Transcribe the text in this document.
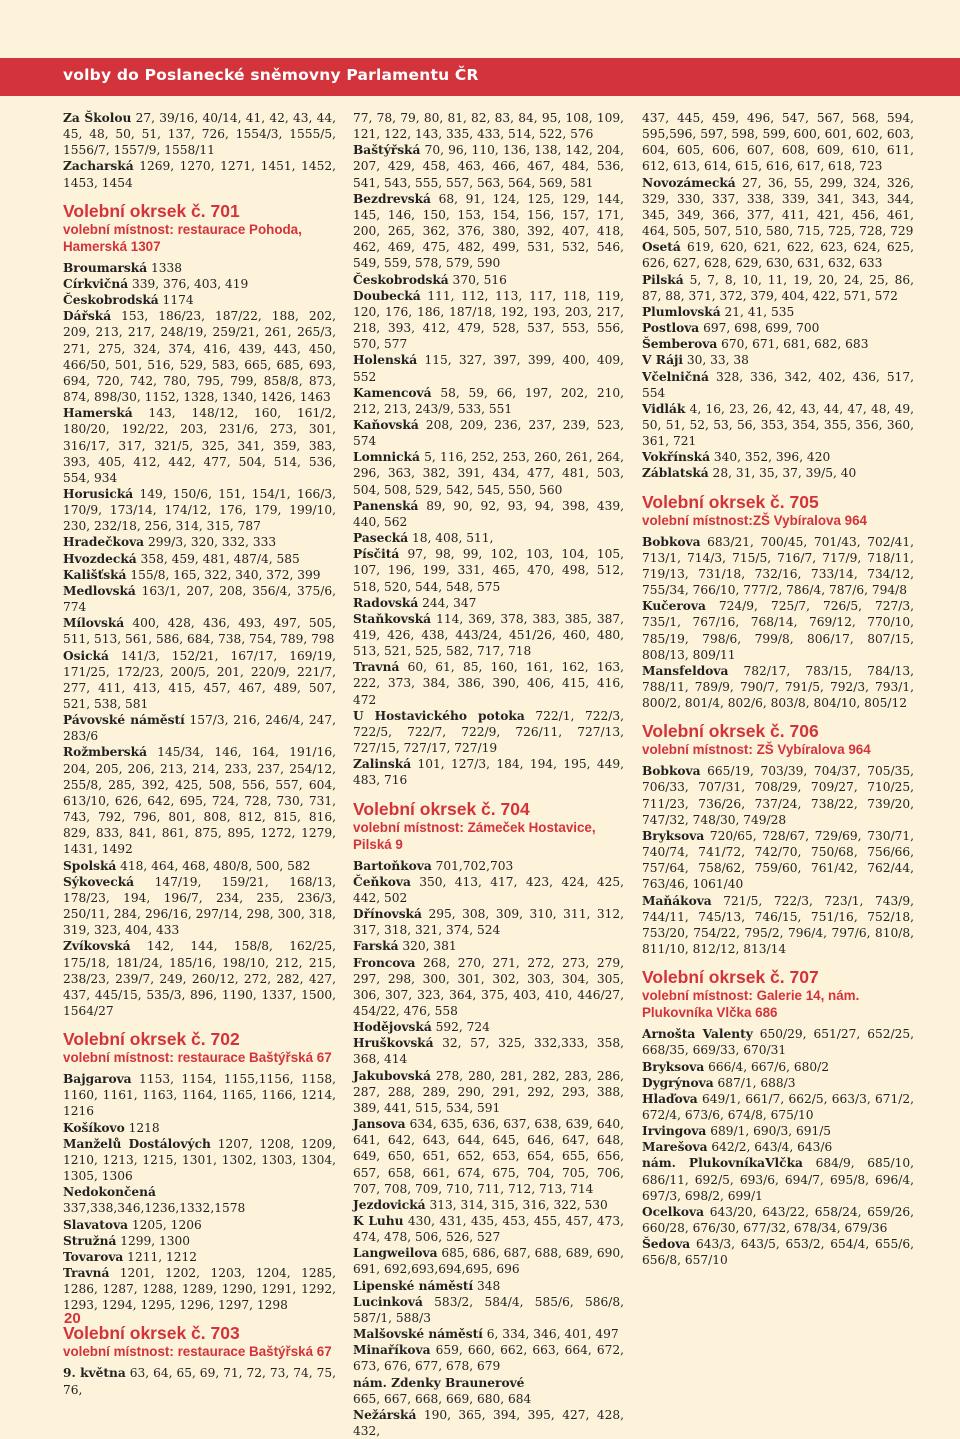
volby do Poslanecké sněmovny Parlamentu ČR

Za Školou 27, 39/16, 40/14, 41, 42, 43, 44, 45, 48, 50, 51, 137, 726, 1554/3, 1555/5, 1556/7, 1557/9, 1558/11

Zacharská 1269, 1270, 1271, 1451, 1452, 1453, 1454

Volební okrsek č. 701
volební místnost: restaurace Pohoda, Hamerská 1307

Broumarská 1338

Církvičná 339, 376, 403, 419

Českobrodská 1174

Dářská 153, 186/23, 187/22, 188, 202, 209, 213, 217, 248/19, 259/21, 261, 265/3, 271, 275, 324, 374, 416, 439, 443, 450, 466/50, 501, 516, 529, 583, 665, 685, 693, 694, 720, 742, 780, 795, 799, 858/8, 873, 874, 898/30, 1152, 1328, 1340, 1426, 1463

Hamerská 143, 148/12, 160, 161/2, 180/20, 192/22, 203, 231/6, 273, 301, 316/17, 317, 321/5, 325, 341, 359, 383, 393, 405, 412, 442, 477, 504, 514, 536, 554, 934

Horusická 149, 150/6, 151, 154/1, 166/3, 170/9, 173/14, 174/12, 176, 179, 199/10, 230, 232/18, 256, 314, 315, 787

Hradečkova 299/3, 320, 332, 333

Hvozdecká 358, 459, 481, 487/4, 585

Kališťská 155/8, 165, 322, 340, 372, 399

Medlovská 163/1, 207, 208, 356/4, 375/6, 774

Mílovská 400, 428, 436, 493, 497, 505, 511, 513, 561, 586, 684, 738, 754, 789, 798

Osická 141/3, 152/21, 167/17, 169/19, 171/25, 172/23, 200/5, 201, 220/9, 221/7, 277, 411, 413, 415, 457, 467, 489, 507, 521, 538, 581

Pávovské náměstí 157/3, 216, 246/4, 247, 283/6

Rožmberská 145/34, 146, 164, 191/16, 204, 205, 206, 213, 214, 233, 237, 254/12, 255/8, 285, 392, 425, 508, 556, 557, 604, 613/10, 626, 642, 695, 724, 728, 730, 731, 743, 792, 796, 801, 808, 812, 815, 816, 829, 833, 841, 861, 875, 895, 1272, 1279, 1431, 1492

Spolská 418, 464, 468, 480/8, 500, 582

Sýkovecká 147/19, 159/21, 168/13, 178/23, 194, 196/7, 234, 235, 236/3, 250/11, 284, 296/16, 297/14, 298, 300, 318, 319, 323, 404, 433

Zvíkovská 142, 144, 158/8, 162/25, 175/18, 181/24, 185/16, 198/10, 212, 215, 238/23, 239/7, 249, 260/12, 272, 282, 427, 437, 445/15, 535/3, 896, 1190, 1337, 1500, 1564/27

Volební okrsek č. 702
volební místnost: restaurace Baštýřská 67

Bajgarova 1153, 1154, 1155,1156, 1158, 1160, 1161, 1163, 1164, 1165, 1166, 1214, 1216

Košíkovo 1218

Manželů Dostálových 1207, 1208, 1209, 1210, 1213, 1215, 1301, 1302, 1303, 1304, 1305, 1306

Nedokončená 337,338,346,1236,1332,1578

Slavatova 1205, 1206

Stružná 1299, 1300

Tovarova 1211, 1212

Travná 1201, 1202, 1203, 1204, 1285, 1286, 1287, 1288, 1289, 1290, 1291, 1292, 1293, 1294, 1295, 1296, 1297, 1298

Volební okrsek č. 703
volební místnost: restaurace Baštýřská 67

9. května 63, 64, 65, 69, 71, 72, 73, 74, 75, 76,

77, 78, 79, 80, 81, 82, 83, 84, 95, 108, 109, 121, 122, 143, 335, 433, 514, 522, 576

Baštýřská 70, 96, 110, 136, 138, 142, 204, 207, 429, 458, 463, 466, 467, 484, 536, 541, 543, 555, 557, 563, 564, 569, 581

Bezdrevská 68, 91, 124, 125, 129, 144, 145, 146, 150, 153, 154, 156, 157, 171, 200, 265, 362, 376, 380, 392, 407, 418, 462, 469, 475, 482, 499, 531, 532, 546, 549, 559, 578, 579, 590

Českobrodská 370, 516

Doubecká 111, 112, 113, 117, 118, 119, 120, 176, 186, 187/18, 192, 193, 203, 217, 218, 393, 412, 479, 528, 537, 553, 556, 570, 577

Holenská 115, 327, 397, 399, 400, 409, 552

Kamencová 58, 59, 66, 197, 202, 210, 212, 213, 243/9, 533, 551

Kaňovská 208, 209, 236, 237, 239, 523, 574

Lomnická 5, 116, 252, 253, 260, 261, 264, 296, 363, 382, 391, 434, 477, 481, 503, 504, 508, 529, 542, 545, 550, 560

Panenská 89, 90, 92, 93, 94, 398, 439, 440, 562

Pasecká 18, 408, 511,

Písčitá 97, 98, 99, 102, 103, 104, 105, 107, 196, 199, 331, 465, 470, 498, 512, 518, 520, 544, 548, 575

Radovská 244, 347

Staňkovská 114, 369, 378, 383, 385, 387, 419, 426, 438, 443/24, 451/26, 460, 480, 513, 521, 525, 582, 717, 718

Travná 60, 61, 85, 160, 161, 162, 163, 222, 373, 384, 386, 390, 406, 415, 416, 472

U Hostavického potoka 722/1, 722/3, 722/5, 722/7, 722/9, 726/11, 727/13, 727/15, 727/17, 727/19

Zalinská 101, 127/3, 184, 194, 195, 449, 483, 716

Volební okrsek č. 704
volební místnost: Zámeček Hostavice, Pilská 9

Bartoňkova 701,702,703

Čeňkova 350, 413, 417, 423, 424, 425, 442, 502

Dřínovská 295, 308, 309, 310, 311, 312, 317, 318, 321, 374, 524

Farská 320, 381

Froncova 268, 270, 271, 272, 273, 279, 297, 298, 300, 301, 302, 303, 304, 305, 306, 307, 323, 364, 375, 403, 410, 446/27, 454/22, 476, 558

Hodějovská 592, 724

Hruškovská 32, 57, 325, 332,333, 358, 368, 414

Jakubovská 278, 280, 281, 282, 283, 286, 287, 288, 289, 290, 291, 292, 293, 388, 389, 441, 515, 534, 591

Jansova 634, 635, 636, 637, 638, 639, 640, 641, 642, 643, 644, 645, 646, 647, 648, 649, 650, 651, 652, 653, 654, 655, 656, 657, 658, 661, 674, 675, 704, 705, 706, 707, 708, 709, 710, 711, 712, 713, 714

Jezdovická 313, 314, 315, 316, 322, 530

K Luhu 430, 431, 435, 453, 455, 457, 473, 474, 478, 506, 526, 527

Langweilova 685, 686, 687, 688, 689, 690, 691, 692,693,694,695, 696

Lipenské náměstí 348

Lucinková 583/2, 584/4, 585/6, 586/8, 587/1, 588/3

Malšovské náměstí 6, 334, 346, 401, 497

Minaříkova 659, 660, 662, 663, 664, 672, 673, 676, 677, 678, 679

nám. Zdenky Braunerové

665, 667, 668, 669, 680, 684

Nežárská 190, 365, 394, 395, 427, 428, 432,

437, 445, 459, 496, 547, 567, 568, 594, 595,596, 597, 598, 599, 600, 601, 602, 603, 604, 605, 606, 607, 608, 609, 610, 611, 612, 613, 614, 615, 616, 617, 618, 723

Novozámecká 27, 36, 55, 299, 324, 326, 329, 330, 337, 338, 339, 341, 343, 344, 345, 349, 366, 377, 411, 421, 456, 461, 464, 505, 507, 510, 580, 715, 725, 728, 729

Osetá 619, 620, 621, 622, 623, 624, 625, 626, 627, 628, 629, 630, 631, 632, 633

Pilská 5, 7, 8, 10, 11, 19, 20, 24, 25, 86, 87, 88, 371, 372, 379, 404, 422, 571, 572

Plumlovská 21, 41, 535

Postlova 697, 698, 699, 700

Šemberova 670, 671, 681, 682, 683

V Ráji 30, 33, 38

Včelničná 328, 336, 342, 402, 436, 517, 554

Vidlák 4, 16, 23, 26, 42, 43, 44, 47, 48, 49, 50, 51, 52, 53, 56, 353, 354, 355, 356, 360, 361, 721

Vokřínská 340, 352, 396, 420

Záblatská 28, 31, 35, 37, 39/5, 40

Volební okrsek č. 705
volební místnost:ZŠ Vybíralova 964

Bobkova 683/21, 700/45, 701/43, 702/41, 713/1, 714/3, 715/5, 716/7, 717/9, 718/11, 719/13, 731/18, 732/16, 733/14, 734/12, 755/34, 766/10, 777/2, 786/4, 787/6, 794/8

Kučerova 724/9, 725/7, 726/5, 727/3, 735/1, 767/16, 768/14, 769/12, 770/10, 785/19, 798/6, 799/8, 806/17, 807/15, 808/13, 809/11

Mansfeldova 782/17, 783/15, 784/13, 788/11, 789/9, 790/7, 791/5, 792/3, 793/1, 800/2, 801/4, 802/6, 803/8, 804/10, 805/12

Volební okrsek č. 706
volební místnost: ZŠ Vybíralova 964

Bobkova 665/19, 703/39, 704/37, 705/35, 706/33, 707/31, 708/29, 709/27, 710/25, 711/23, 736/26, 737/24, 738/22, 739/20, 747/32, 748/30, 749/28

Bryksova 720/65, 728/67, 729/69, 730/71, 740/74, 741/72, 742/70, 750/68, 756/66, 757/64, 758/62, 759/60, 761/42, 762/44, 763/46, 1061/40

Maňákova 721/5, 722/3, 723/1, 743/9, 744/11, 745/13, 746/15, 751/16, 752/18, 753/20, 754/22, 795/2, 796/4, 797/6, 810/8, 811/10, 812/12, 813/14

Volební okrsek č. 707
volební místnost: Galerie 14, nám. Plukovníka Vlčka 686

Arnošta Valenty 650/29, 651/27, 652/25, 668/35, 669/33, 670/31

Bryksova 666/4, 667/6, 680/2

Dygrýnova 687/1, 688/3

Hlaďova 649/1, 661/7, 662/5, 663/3, 671/2, 672/4, 673/6, 674/8, 675/10

Irvingova 689/1, 690/3, 691/5

Marešova 642/2, 643/4, 643/6

nám. PlukovníkaVlčka 684/9, 685/10, 686/11, 692/5, 693/6, 694/7, 695/8, 696/4, 697/3, 698/2, 699/1

Ocelkova 643/20, 643/22, 658/24, 659/26, 660/28, 676/30, 677/32, 678/34, 679/36

Šedova 643/3, 643/5, 653/2, 654/4, 655/6, 656/8, 657/10

20
